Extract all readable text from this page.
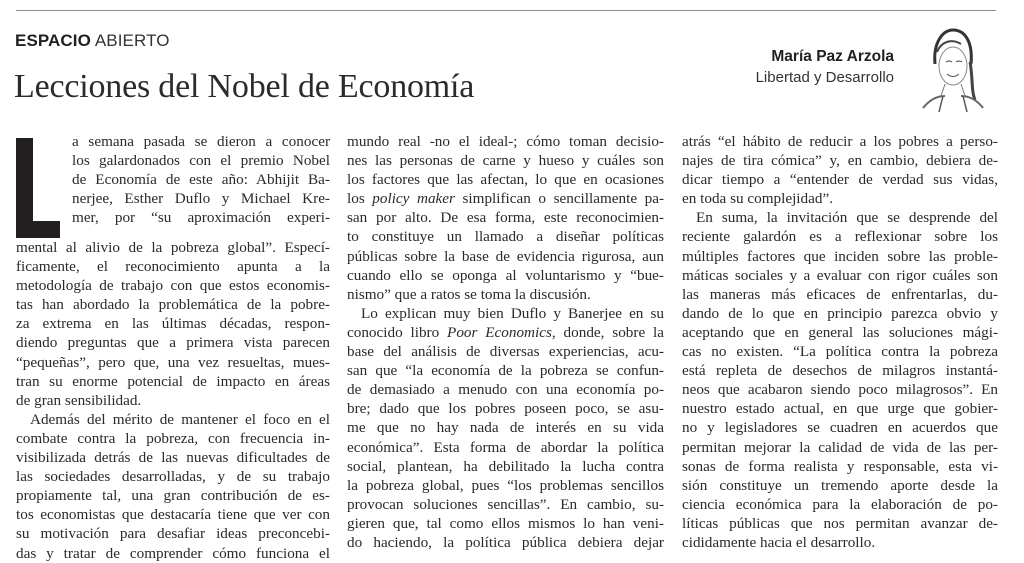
ESPACIO ABIERTO
Lecciones del Nobel de Economía
María Paz Arzola
Libertad y Desarrollo
a semana pasada se dieron a conocer
los galardonados con el premio Nobel
de Economía de este año: Abhijit Ba-
nerjee, Esther Duflo y Michael Kre-
mer, por “su aproximación experi-
mental al alivio de la pobreza global”. Especí-
ficamente, el reconocimiento apunta a la
metodología de trabajo con que estos economis-
tas han abordado la problemática de la pobre-
za extrema en las últimas décadas, respon-
diendo preguntas que a primera vista parecen
“pequeñas”, pero que, una vez resueltas, mues-
tran su enorme potencial de impacto en áreas
de gran sensibilidad.
Además del mérito de mantener el foco en el
combate contra la pobreza, con frecuencia in-
visibilizada detrás de las nuevas dificultades de
las sociedades desarrolladas, y de su trabajo
propiamente tal, una gran contribución de es-
tos economistas que destacaría tiene que ver con
su motivación para desafiar ideas preconcebi-
das y tratar de comprender cómo funciona el
mundo real -no el ideal-; cómo toman decisio-
nes las personas de carne y hueso y cuáles son
los factores que las afectan, lo que en ocasiones
los policy maker simplifican o sencillamente pa-
san por alto. De esa forma, este reconocimien-
to constituye un llamado a diseñar políticas
públicas sobre la base de evidencia rigurosa, aun
cuando ello se oponga al voluntarismo y “bue-
nismo” que a ratos se toma la discusión.
Lo explican muy bien Duflo y Banerjee en su
conocido libro Poor Economics, donde, sobre la
base del análisis de diversas experiencias, acu-
san que “la economía de la pobreza se confun-
de demasiado a menudo con una economía po-
bre; dado que los pobres poseen poco, se asu-
me que no hay nada de interés en su vida
económica”. Esta forma de abordar la política
social, plantean, ha debilitado la lucha contra
la pobreza global, pues “los problemas sencillos
provocan soluciones sencillas”. En cambio, su-
gieren que, tal como ellos mismos lo han veni-
do haciendo, la política pública debiera dejar
atrás “el hábito de reducir a los pobres a perso-
najes de tira cómica” y, en cambio, debiera de-
dicar tiempo a “entender de verdad sus vidas,
en toda su complejidad”.
En suma, la invitación que se desprende del
reciente galardón es a reflexionar sobre los
múltiples factores que inciden sobre las proble-
máticas sociales y a evaluar con rigor cuáles son
las maneras más eficaces de enfrentarlas, du-
dando de lo que en principio parezca obvio y
aceptando que en general las soluciones mági-
cas no existen. “La política contra la pobreza
está repleta de desechos de milagros instantá-
neos que acabaron siendo poco milagrosos”. En
nuestro estado actual, en que urge que gobier-
no y legisladores se cuadren en acuerdos que
permitan mejorar la calidad de vida de las per-
sonas de forma realista y responsable, esta vi-
sión constituye un tremendo aporte desde la
ciencia económica para la elaboración de po-
líticas públicas que nos permitan avanzar de-
cididamente hacia el desarrollo.
